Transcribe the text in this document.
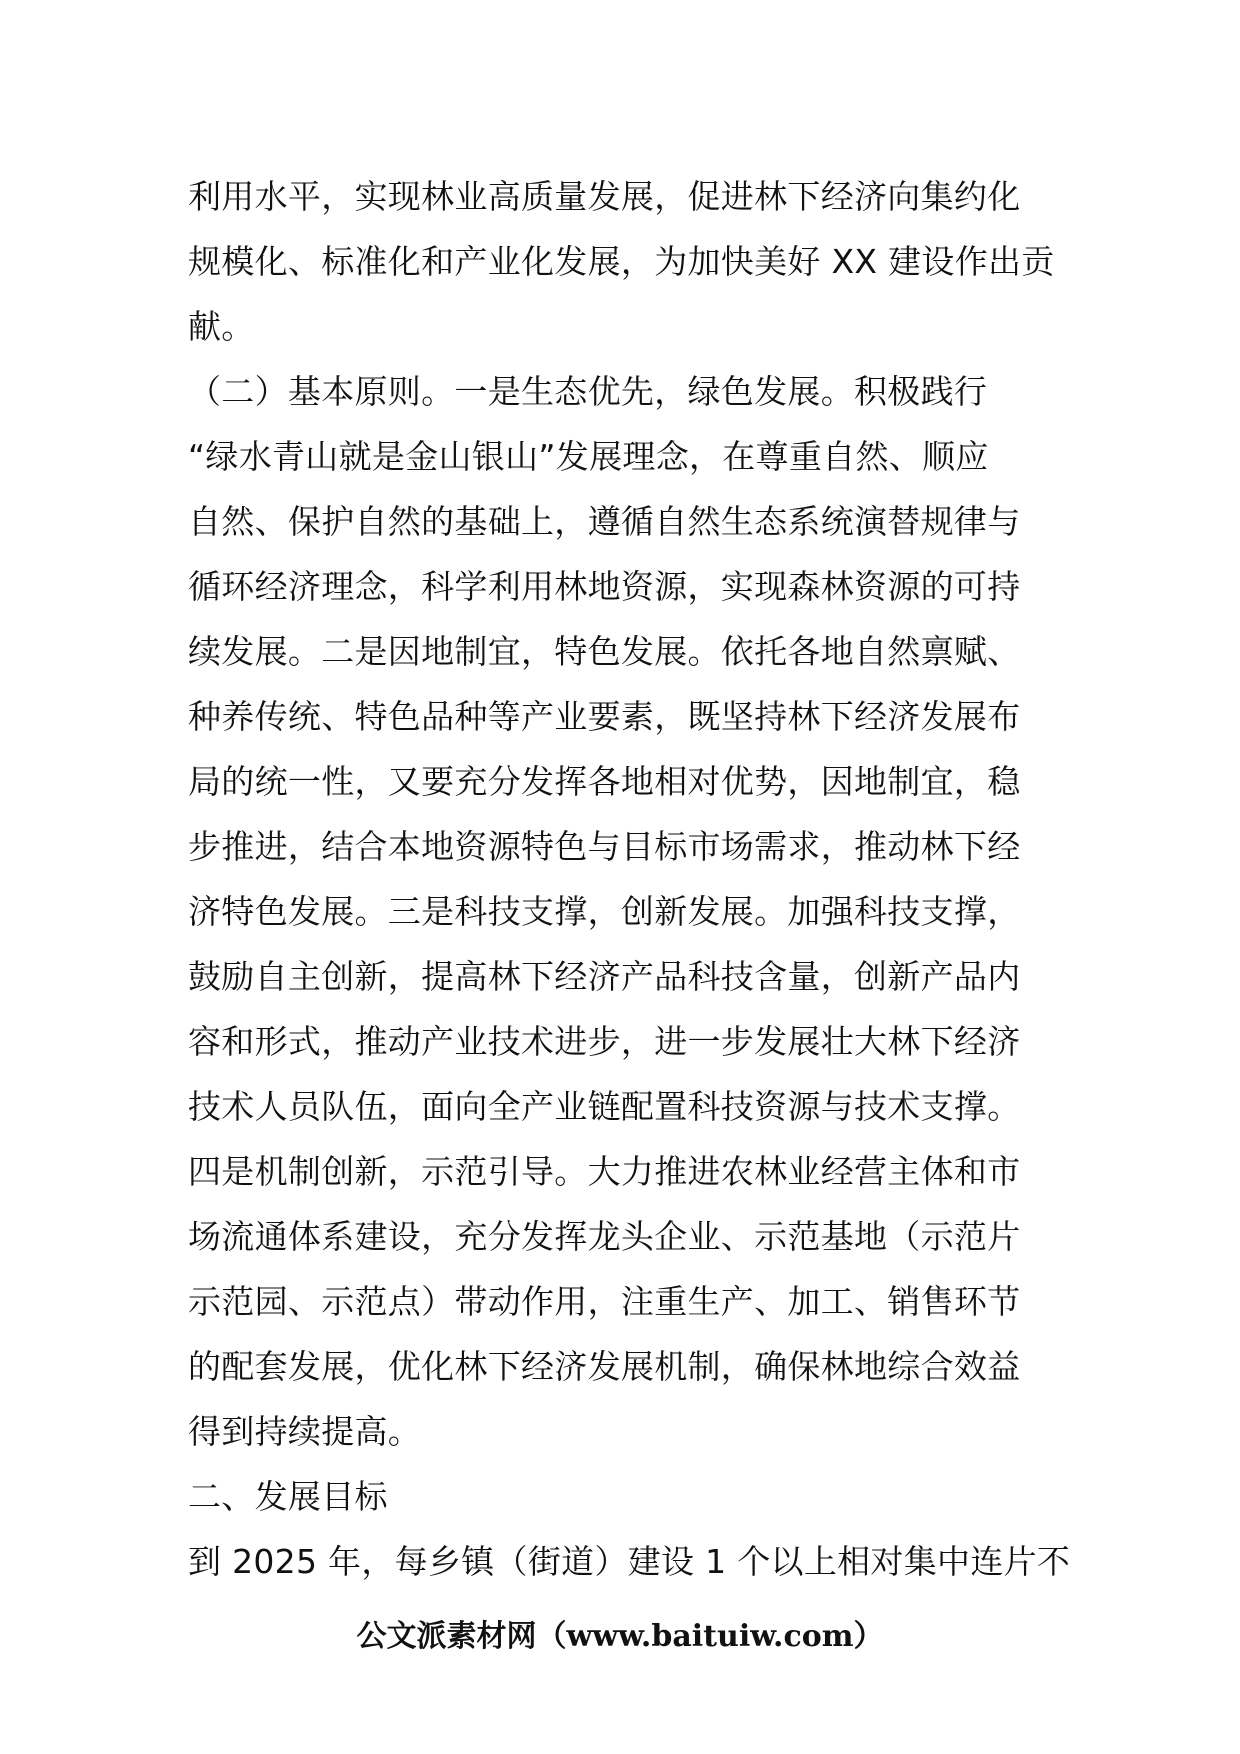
利用水平，实现林业高质量发展，促进林下经济向集约化
规模化、标准化和产业化发展，为加快美好 XX 建设作出贡
献。
（二）基本原则。一是生态优先，绿色发展。积极践行
“绿水青山就是金山银山”发展理念，在尊重自然、顺应
自然、保护自然的基础上，遵循自然生态系统演替规律与
循环经济理念，科学利用林地资源，实现森林资源的可持
续发展。二是因地制宜，特色发展。依托各地自然禀赋、
种养传统、特色品种等产业要素，既坚持林下经济发展布
局的统一性，又要充分发挥各地相对优势，因地制宜，稳
步推进，结合本地资源特色与目标市场需求，推动林下经
济特色发展。三是科技支撑，创新发展。加强科技支撑，
鼓励自主创新，提高林下经济产品科技含量，创新产品内
容和形式，推动产业技术进步，进一步发展壮大林下经济
技术人员队伍，面向全产业链配置科技资源与技术支撑。
四是机制创新，示范引导。大力推进农林业经营主体和市
场流通体系建设，充分发挥龙头企业、示范基地（示范片
示范园、示范点）带动作用，注重生产、加工、销售环节
的配套发展，优化林下经济发展机制，确保林地综合效益
得到持续提高。
二、发展目标
到 2025 年，每乡镇（街道）建设 1 个以上相对集中连片不
公文派素材网（www.baituiw.com）
